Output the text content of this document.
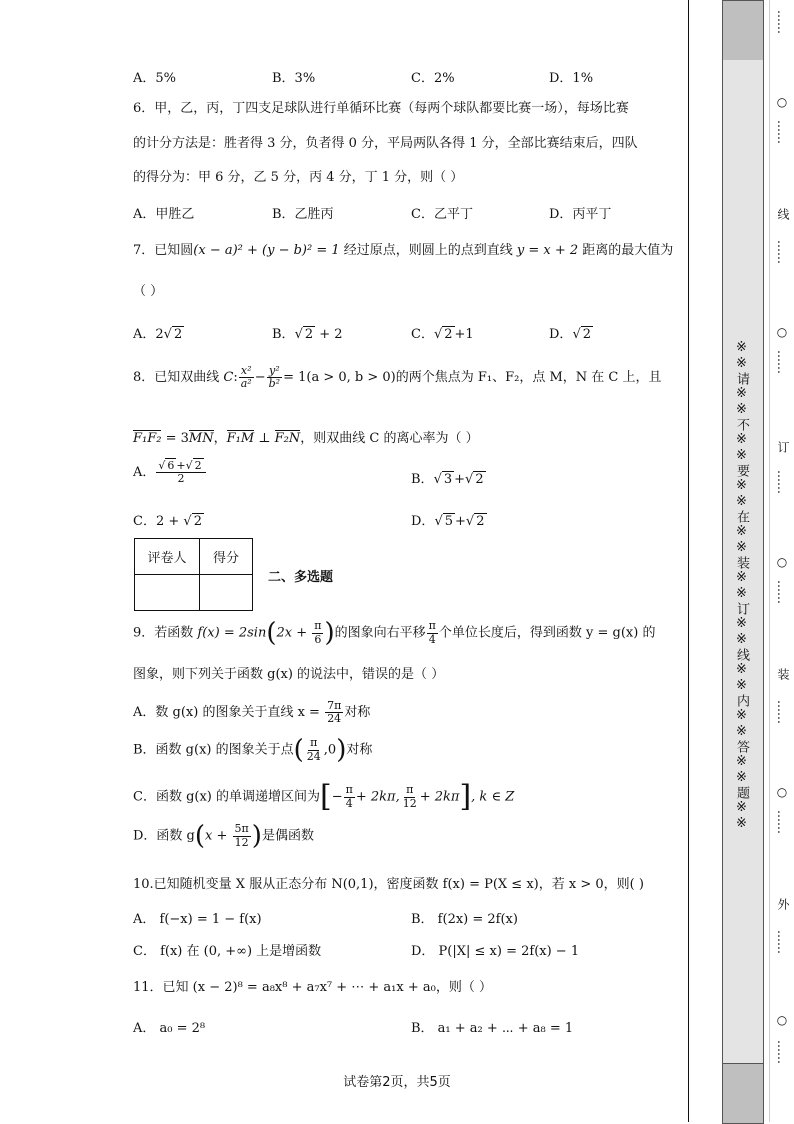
A．5%	B．3%	C．2%	D．1%
6．甲，乙，丙，丁四支足球队进行单循环比赛（每两个球队都要比赛一场），每场比赛
的计分方法是：胜者得 3 分，负者得 0 分，平局两队各得 1 分，全部比赛结束后，四队
的得分为：甲 6 分，乙 5 分，丙 4 分，丁 1 分，则（ ）
A．甲胜乙	B．乙胜丙	C．乙平丁	D．丙平丁
7．已知圆(x − a)² + (y − b)² = 1 经过原点，则圆上的点到直线 y = x + 2 距离的最大值为
（ ）
A．2√ 2	B．√ 2 + 2	C．√ 2 +1	D．√ 2
8．已知双曲线 C: $\frac{\text{x²}}{\text{a²}} - \frac{\text{y²}}{\text{b²}} = 1(a > 0$, b > 0)的两个焦点为 F₁、F₂，点 M，N 在 C 上，且
F₁F₂ = 3MN，F₁M ⊥ F₂N，则双曲线 C 的离心率为（ ）
A． $\frac{√ 6 +√ 2}{2}$	B．√ 3 +√ 2
C．2 + √ 2	D．√ 5 +√ 2
评卷人	得分

二、多选题
9．若函数 $f(x) = 2\sin(2x + \frac{\pi}{6}$ )的图象向右平移 $\frac{\pi}{4}$ 个单位长度后，得到函数 y = g(x) 的
图象，则下列关于函数 g(x) 的说法中，错误的是（ ）
A．数 g(x) 的图象关于直线 $x = \frac{7\pi}{24}$ 对称
B．函数 g(x) 的图象关于点( $\frac{\pi}{24} ,0$)对称
C．函数 g(x) 的单调递增区间为[− $\frac{\pi}{4} + 2k\pi$, $\frac{\pi}{12} + 2k\pi$], k ∈ Z
D．函数 $g(x + \frac{5\pi}{12}$ )是偶函数
10.已知随机变量 X 服从正态分布 N(0,1)，密度函数 f(x) = P(X ≤ x)，若 x > 0，则( )
A． f(−x) = 1 − f(x)	B． f(2x) = 2f(x)
C． f(x) 在 (0, +∞) 上是增函数	D． P(|X| ≤ x) = 2f(x) − 1
11．已知 (x − 2)⁸ = a₈x⁸ + a₇x⁷ + ⋯ + a₁x + a₀，则（ ）
A． a₀ = 2⁸	B． a₁ + a₂ + ⋯ + a₈ = 1
试卷第2页，共5页
※※请※※不※※要※※在※※装※※订※※线※※内※※答※※题※※
……
○
……
线
……
○
……
订
……
○
……
装
……
○
……
外
……
○
……
